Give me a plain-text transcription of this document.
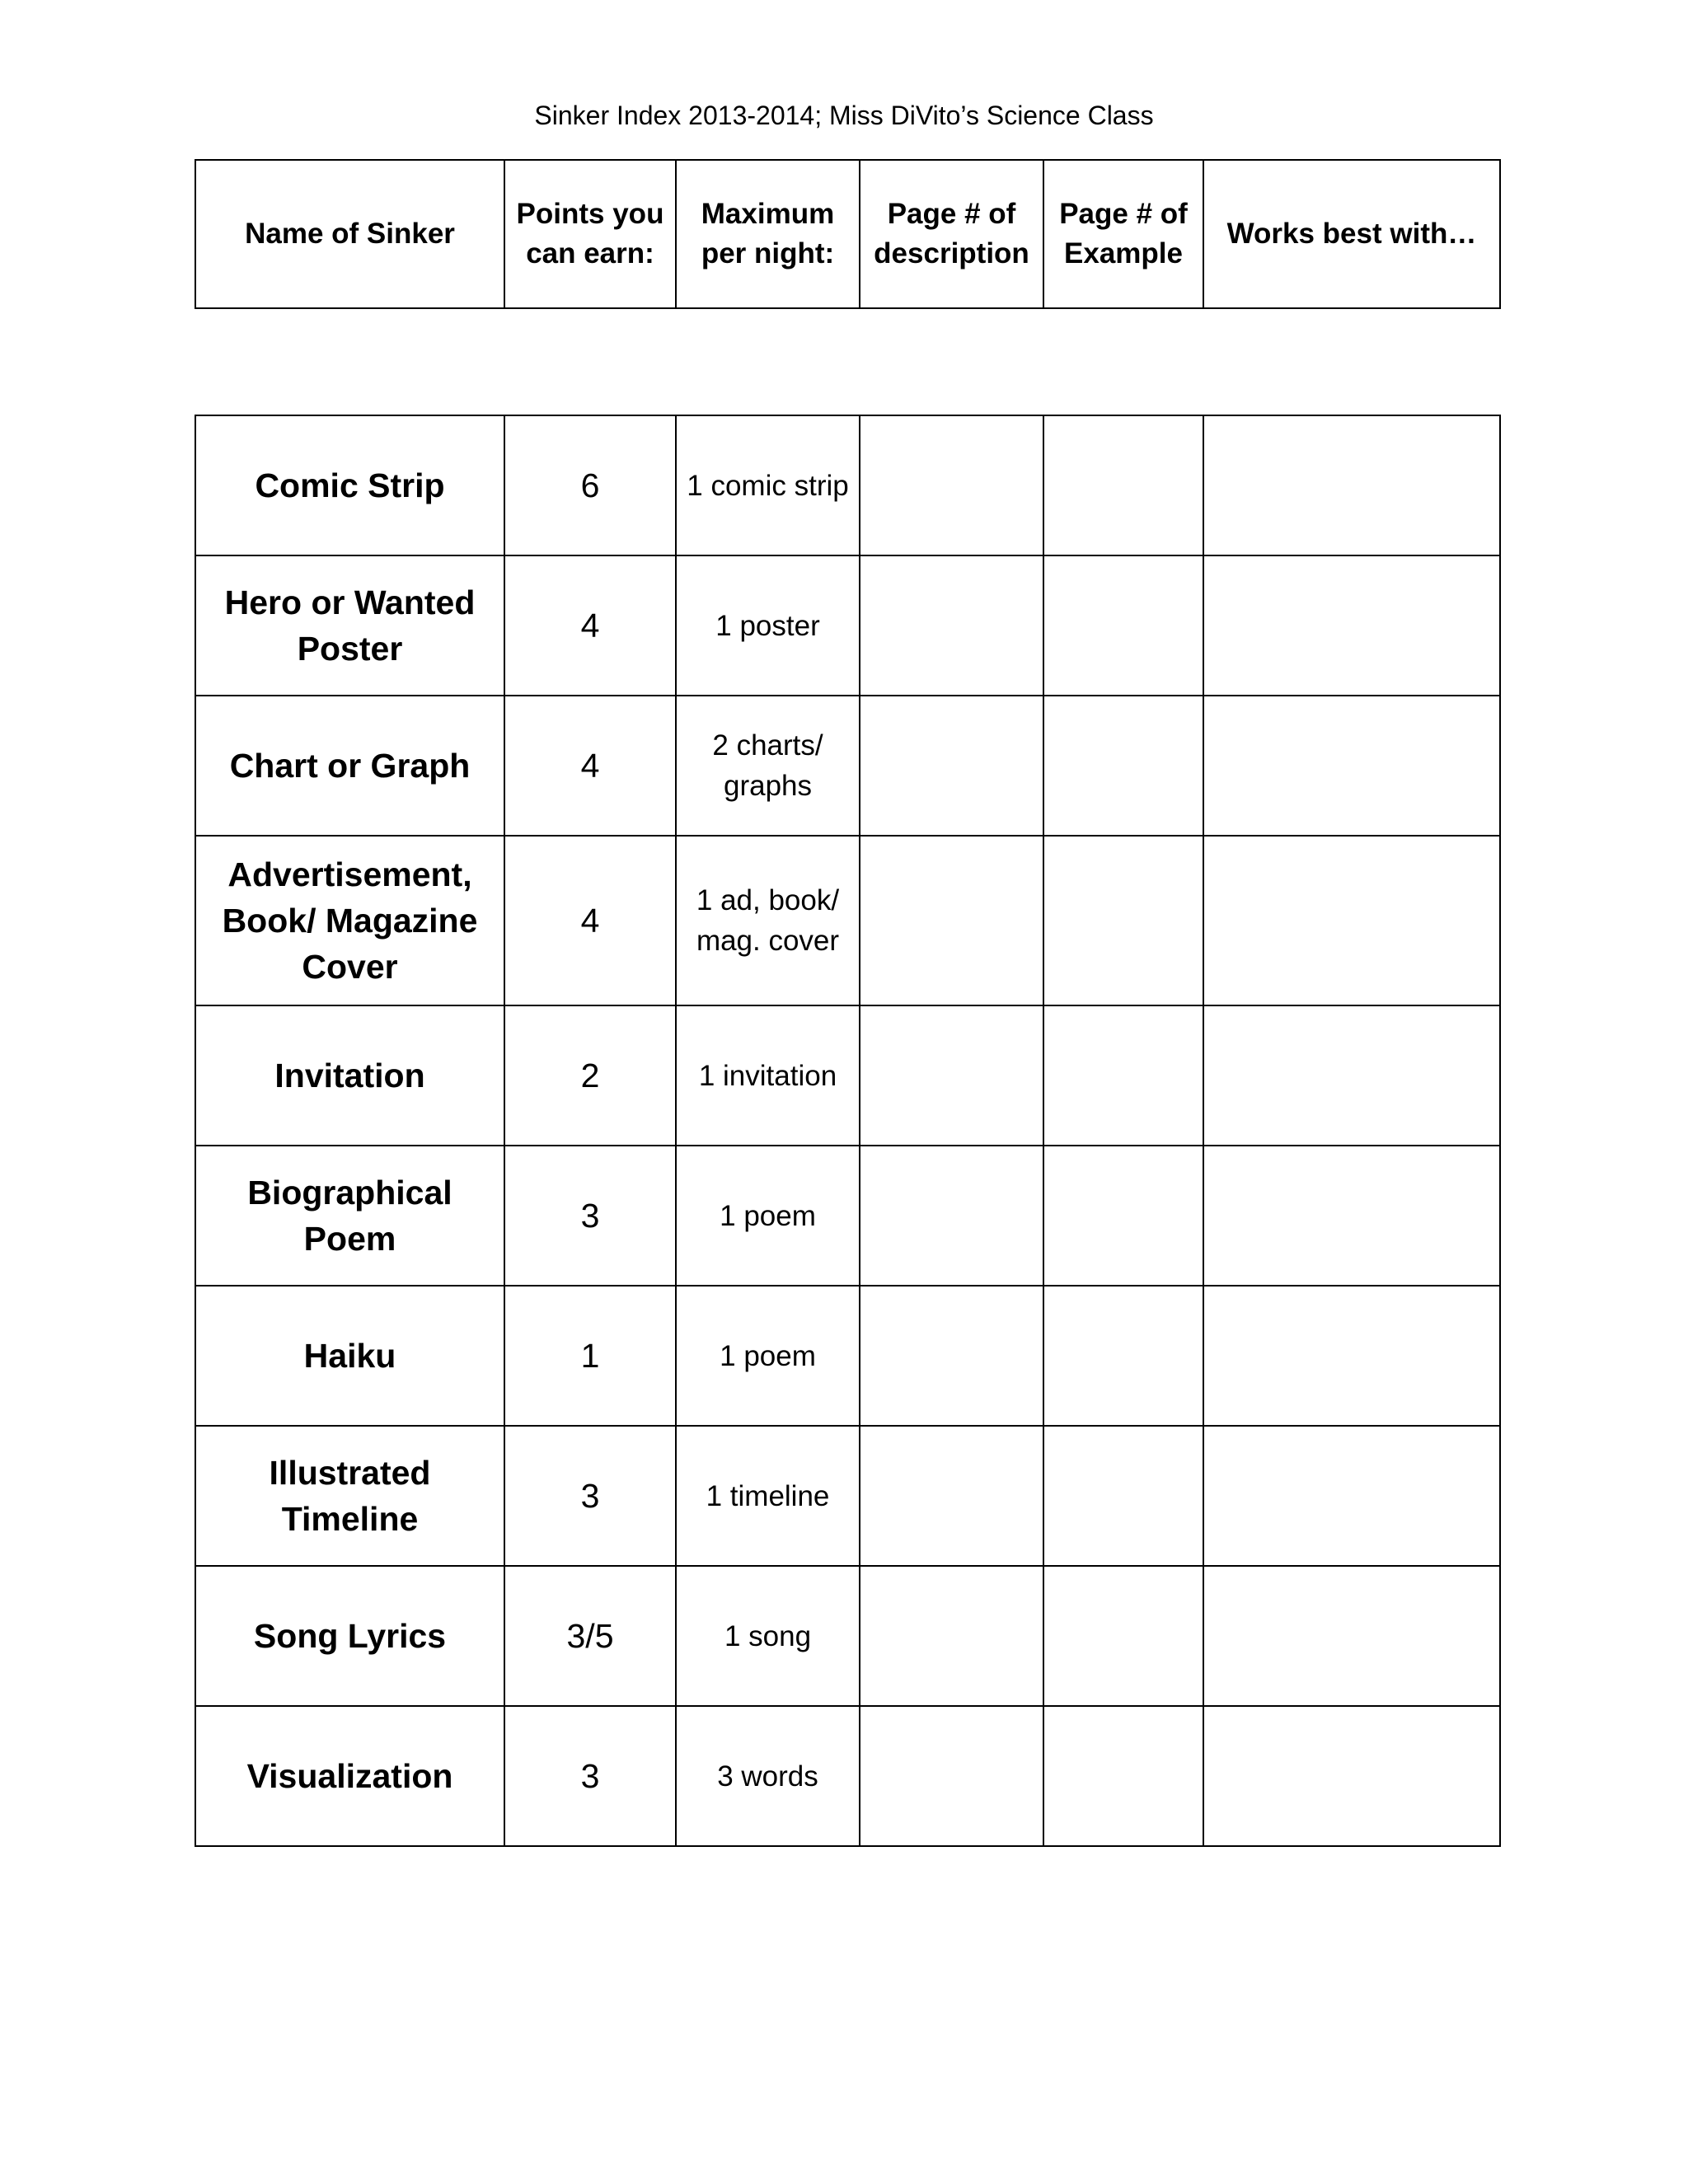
Sinker Index 2013-2014; Miss DiVito’s Science Class
Name of Sinker	Points you can earn:	Maximum per night:	Page # of description	Page # of Example	Works best with…
Comic Strip	6	1 comic strip			
Hero or Wanted Poster	4	1 poster			
Chart or Graph	4	2 charts/ graphs			
Advertisement, Book/ Magazine Cover	4	1 ad, book/ mag. cover			
Invitation	2	1 invitation			
Biographical Poem	3	1 poem			
Haiku	1	1 poem			
Illustrated Timeline	3	1 timeline			
Song Lyrics	3/5	1 song			
Visualization	3	3 words			
